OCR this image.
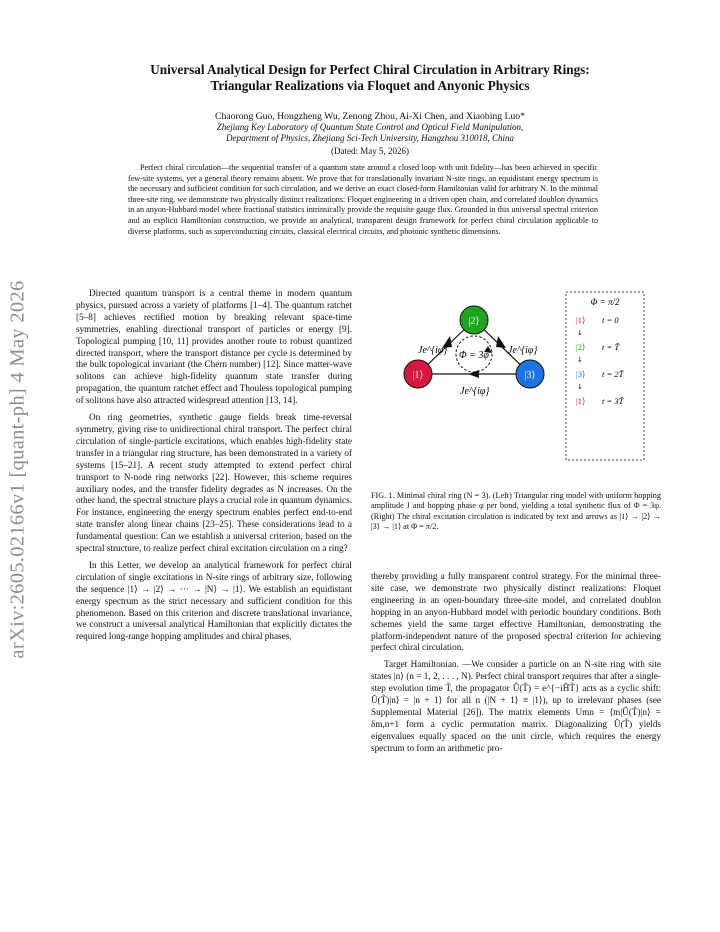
arXiv:2605.02166v1 [quant-ph] 4 May 2026
Universal Analytical Design for Perfect Chiral Circulation in Arbitrary Rings:
Triangular Realizations via Floquet and Anyonic Physics
Chaorong Guo, Hongzheng Wu, Zenong Zhou, Ai-Xi Chen, and Xiaobing Luo*
Zhejiang Key Laboratory of Quantum State Control and Optical Field Manipulation,
Department of Physics, Zhejiang Sci-Tech University, Hangzhou 310018, China
(Dated: May 5, 2026)
Perfect chiral circulation—the sequential transfer of a quantum state around a closed loop with unit fidelity—has been achieved in specific few-site systems, yet a general theory remains absent. We prove that for translationally invariant N-site rings, an equidistant energy spectrum is the necessary and sufficient condition for such circulation, and we derive an exact closed-form Hamiltonian valid for arbitrary N. In the minimal three-site ring, we demonstrate two physically distinct realizations: Floquet engineering in a driven open chain, and correlated doublon dynamics in an anyon-Hubbard model where fractional statistics intrinsically provide the requisite gauge flux. Grounded in this universal spectral criterion and an explicit Hamiltonian construction, we provide an analytical, transparent design framework for perfect chiral circulation applicable to diverse platforms, such as superconducting circuits, classical electrical circuits, and photonic synthetic dimensions.

Directed quantum transport is a central theme in modern quantum physics, pursued across a variety of platforms [1–4]. The quantum ratchet [5–8] achieves rectified motion by breaking relevant space-time symmetries, enabling directional transport of particles or energy [9]. Topological pumping [10, 11] provides another route to robust quantized directed transport, where the transport distance per cycle is determined by the bulk topological invariant (the Chern number) [12]. Since matter-wave solitons can achieve high-fidelity quantum state transfer during propagation, the quantum ratchet effect and Thouless topological pumping of solitons have also attracted widespread attention [13, 14].

On ring geometries, synthetic gauge fields break time-reversal symmetry, giving rise to unidirectional chiral transport. The perfect chiral circulation of single-particle excitations, which enables high-fidelity state transfer in a triangular ring structure, has been demonstrated in a variety of systems [15–21]. A recent study attempted to extend perfect chiral transport to N-node ring networks [22]. However, this scheme requires auxiliary nodes, and the transfer fidelity degrades as N increases. On the other hand, the spectral structure plays a crucial role in quantum dynamics. For instance, engineering the energy spectrum enables perfect end-to-end state transfer along linear chains [23–25]. These considerations lead to a fundamental question: Can we establish a universal criterion, based on the spectral structure, to realize perfect chiral excitation circulation on a ring?

In this Letter, we develop an analytical framework for perfect chiral circulation of single excitations in N-site rings of arbitrary size, following the sequence |1⟩ → |2⟩ → ··· → |N⟩ → |1⟩. We establish an equidistant energy spectrum as the strict necessary and sufficient condition for this phenomenon. Based on this criterion and discrete translational invariance, we construct a universal analytical Hamiltonian that explicitly dictates the required long-range hopping amplitudes and chiral phases,

Φ = 3φ
Je^{iφ}	Je^{iφ}
Je^{iφ}
|2⟩
|1⟩	|3⟩
Φ = π/2
|1⟩ t = 0
↓
|2⟩ t = T̃
↓
|3⟩ t = 2T̃
↓
|1⟩ t = 3T̃
FIG. 1. Minimal chiral ring (N = 3). (Left) Triangular ring model with uniform hopping amplitude J and hopping phase φ per bond, yielding a total synthetic flux of Φ = 3φ. (Right) The chiral excitation circulation is indicated by text and arrows as |1⟩ → |2⟩ → |3⟩ → |1⟩ at Φ = π/2.

thereby providing a fully transparent control strategy. For the minimal three-site case, we demonstrate two physically distinct realizations: Floquet engineering in an open-boundary three-site model, and correlated doublon hopping in an anyon-Hubbard model with periodic boundary conditions. Both schemes yield the same target effective Hamiltonian, demonstrating the platform-independent nature of the proposed spectral criterion for achieving perfect chiral circulation.

Target Hamiltonian. —We consider a particle on an N-site ring with site states |n⟩ (n = 1, 2, . . . , N). Perfect chiral transport requires that after a single-step evolution time T̃, the propagator Û(T̃) = e^{−iĤT̃} acts as a cyclic shift: Û(T̃)|n⟩ = |n + 1⟩ for all n (|N + 1⟩ ≡ |1⟩), up to irrelevant phases (see Supplemental Material [26]). The matrix elements Umn = ⟨m|Û(T̃)|n⟩ = δm,n+1 form a cyclic permutation matrix. Diagonalizing Û(T̃) yields eigenvalues equally spaced on the unit circle, which requires the energy spectrum to form an arithmetic pro-
